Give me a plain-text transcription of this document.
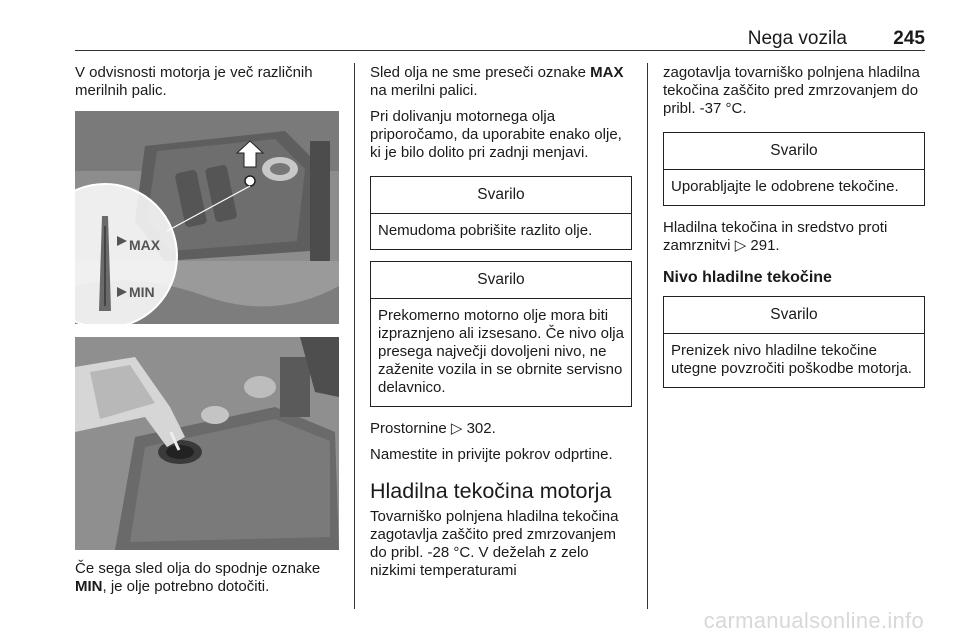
Nega vozila 245

V odvisnosti motorja je več različnih merilnih palic.

MAX
MIN

Če sega sled olja do spodnje oznake MIN, je olje potrebno dotočiti.

Sled olja ne sme preseči oznake MAX na merilni palici.

Pri dolivanju motornega olja priporočamo, da uporabite enako olje, ki je bilo dolito pri zadnji menjavi.

Svarilo
Nemudoma pobrišite razlito olje.
Svarilo
Prekomerno motorno olje mora biti izpraznjeno ali izsesano. Če nivo olja presega največji dovoljeni nivo, ne zaženite vozila in se obrnite servisno delavnico.

Prostornine ▷ 302.

Namestite in privijte pokrov odprtine.

Hladilna tekočina motorja

Tovarniško polnjena hladilna tekočina zagotavlja zaščito pred zmrzovanjem do pribl. -28 °C. V deželah z zelo nizkimi temperaturami

zagotavlja tovarniško polnjena hladilna tekočina zaščito pred zmrzovanjem do pribl. -37 °C.

Svarilo
Uporabljajte le odobrene tekočine.

Hladilna tekočina in sredstvo proti zamrznitvi ▷ 291.

Nivo hladilne tekočine
Svarilo
Prenizek nivo hladilne tekočine utegne povzročiti poškodbe motorja.
carmanualsonline.info
